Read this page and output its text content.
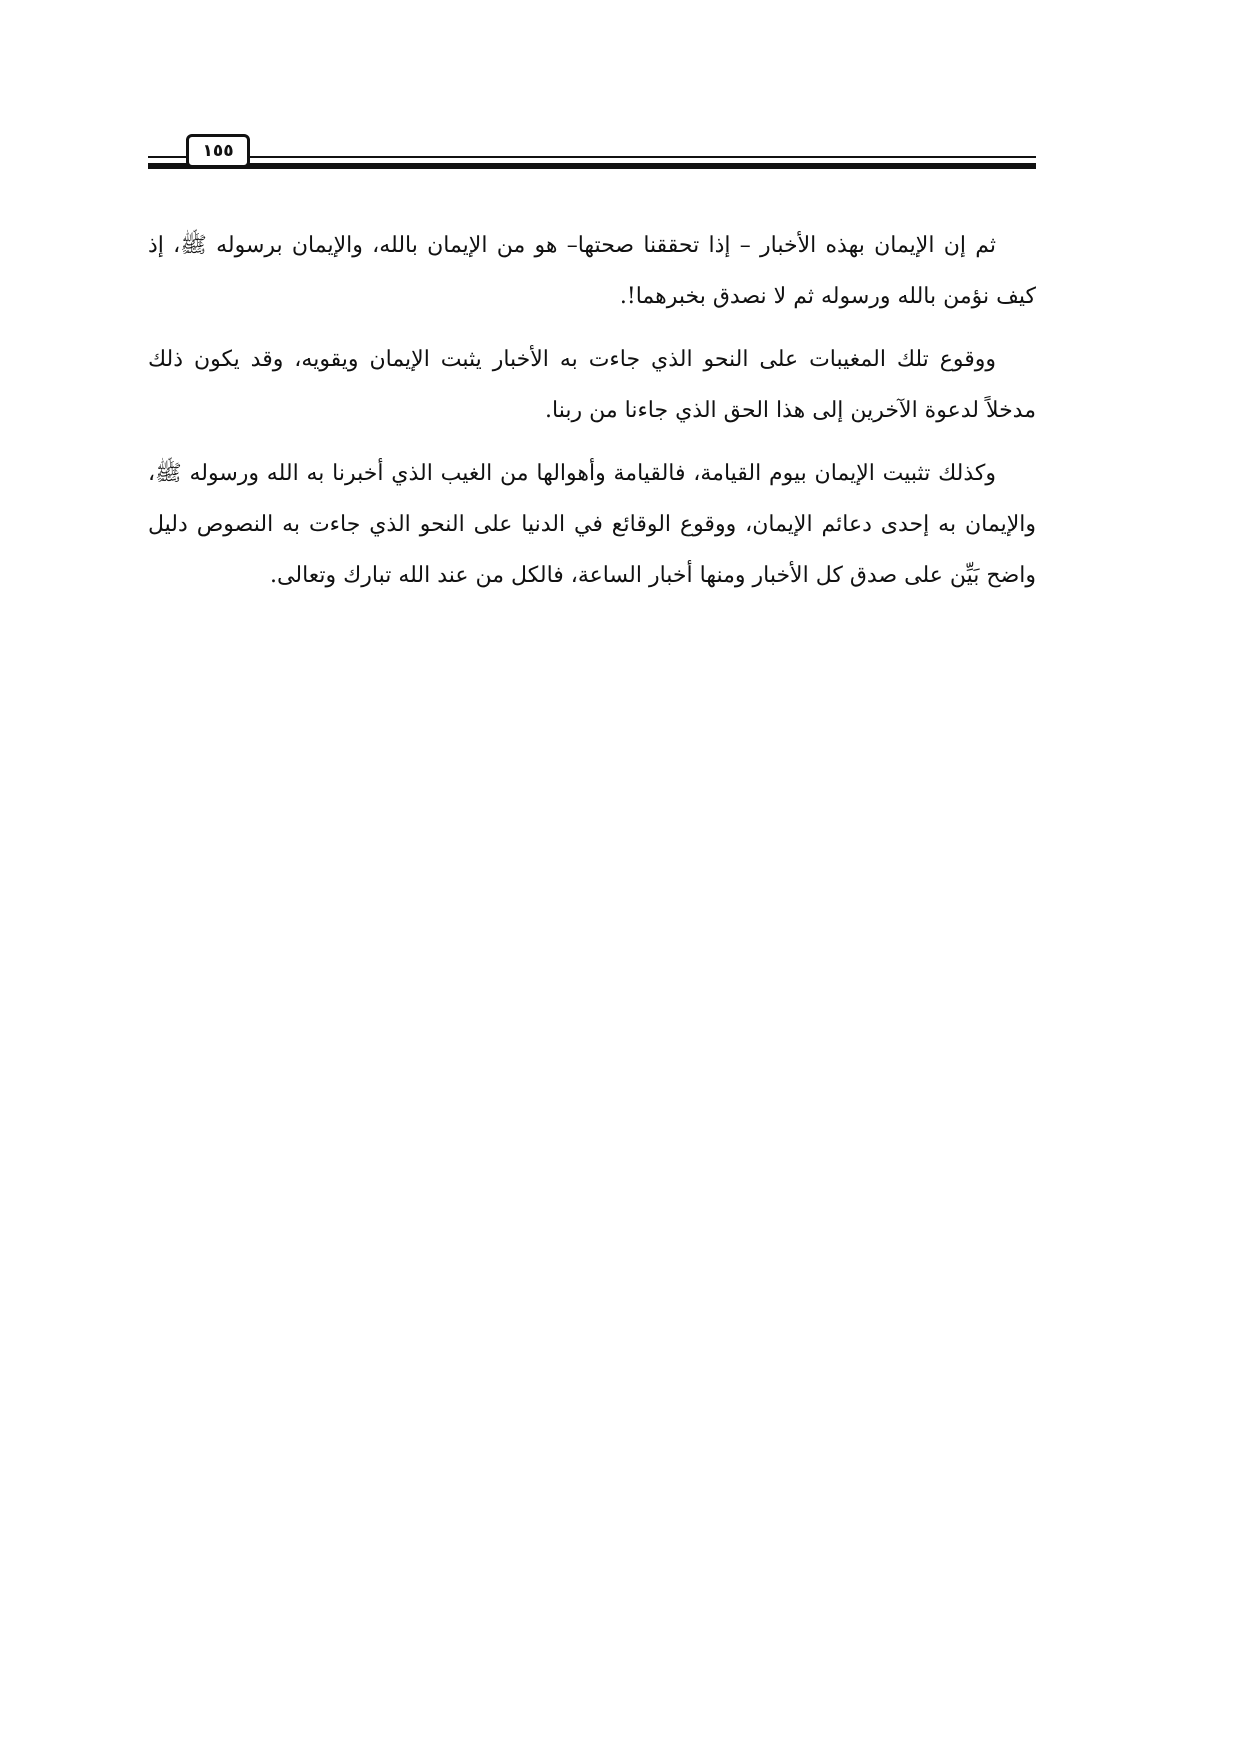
١٥٥

ثم إن الإيمان بهذه الأخبار – إذا تحققنا صحتها– هو من الإيمان بالله، والإيمان برسوله ﷺ، إذ كيف نؤمن بالله ورسوله ثم لا نصدق بخبرهما!.

ووقوع تلك المغيبات على النحو الذي جاءت به الأخبار يثبت الإيمان ويقويه، وقد يكون ذلك مدخلاً لدعوة الآخرين إلى هذا الحق الذي جاءنا من ربنا.

وكذلك تثبيت الإيمان بيوم القيامة، فالقيامة وأهوالها من الغيب الذي أخبرنا به الله ورسوله ﷺ، والإيمان به إحدى دعائم الإيمان، ووقوع الوقائع في الدنيا على النحو الذي جاءت به النصوص دليل واضح بَيِّن على صدق كل الأخبار ومنها أخبار الساعة، فالكل من عند الله تبارك وتعالى.
